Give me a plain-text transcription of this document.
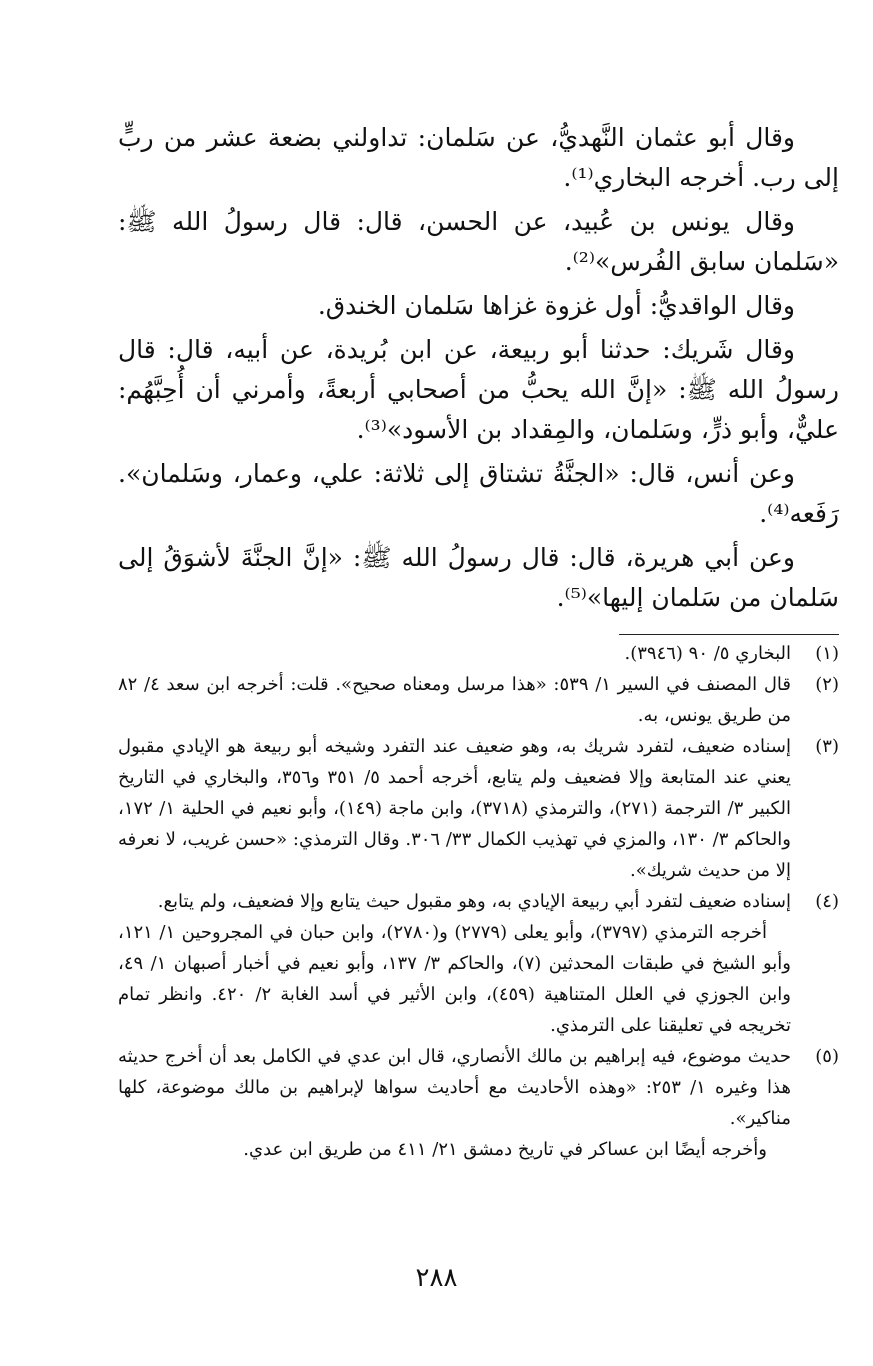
وقال أبو عثمان النَّهديُّ، عن سَلمان: تداولني بضعة عشر من ربٍّ إلى رب. أخرجه البخاري⁽¹⁾.

وقال يونس بن عُبيد، عن الحسن، قال: قال رسولُ الله ﷺ: «سَلمان سابق الفُرس»⁽²⁾.

وقال الواقديُّ: أول غزوة غزاها سَلمان الخندق.

وقال شَريك: حدثنا أبو ربيعة، عن ابن بُريدة، عن أبيه، قال: قال رسولُ الله ﷺ: «إنَّ الله يحبُّ من أصحابي أربعةً، وأمرني أن أُحِبَّهُم: عليٌّ، وأبو ذرٍّ، وسَلمان، والمِقداد بن الأسود»⁽³⁾.

وعن أنس، قال: «الجنَّةُ تشتاق إلى ثلاثة: علي، وعمار، وسَلمان». رَفَعه⁽⁴⁾.

وعن أبي هريرة، قال: قال رسولُ الله ﷺ: «إنَّ الجنَّةَ لأشوَقُ إلى سَلمان من سَلمان إليها»⁽⁵⁾.

(١)

البخاري ٥/ ٩٠ (٣٩٤٦).

(٢)

قال المصنف في السير ١/ ٥٣٩: «هذا مرسل ومعناه صحيح». قلت: أخرجه ابن سعد ٤/ ٨٢ من طريق يونس، به.

(٣)

إسناده ضعيف، لتفرد شريك به، وهو ضعيف عند التفرد وشيخه أبو ربيعة هو الإيادي مقبول يعني عند المتابعة وإلا فضعيف ولم يتابع، أخرجه أحمد ٥/ ٣٥١ و٣٥٦، والبخاري في التاريخ الكبير ٣/ الترجمة (٢٧١)، والترمذي (٣٧١٨)، وابن ماجة (١٤٩)، وأبو نعيم في الحلية ١/ ١٧٢، والحاكم ٣/ ١٣٠، والمزي في تهذيب الكمال ٣٣/ ٣٠٦. وقال الترمذي: «حسن غريب، لا نعرفه إلا من حديث شريك».

(٤)

إسناده ضعيف لتفرد أبي ربيعة الإيادي به، وهو مقبول حيث يتابع وإلا فضعيف، ولم يتابع.

أخرجه الترمذي (٣٧٩٧)، وأبو يعلى (٢٧٧٩) و(٢٧٨٠)، وابن حبان في المجروحين ١/ ١٢١، وأبو الشيخ في طبقات المحدثين (٧)، والحاكم ٣/ ١٣٧، وأبو نعيم في أخبار أصبهان ١/ ٤٩، وابن الجوزي في العلل المتناهية (٤٥٩)، وابن الأثير في أسد الغابة ٢/ ٤٢٠. وانظر تمام تخريجه في تعليقنا على الترمذي.

(٥)

حديث موضوع، فيه إبراهيم بن مالك الأنصاري، قال ابن عدي في الكامل بعد أن أخرج حديثه هذا وغيره ١/ ٢٥٣: «وهذه الأحاديث مع أحاديث سواها لإبراهيم بن مالك موضوعة، كلها مناكير».

وأخرجه أيضًا ابن عساكر في تاريخ دمشق ٢١/ ٤١١ من طريق ابن عدي.

٢٨٨
